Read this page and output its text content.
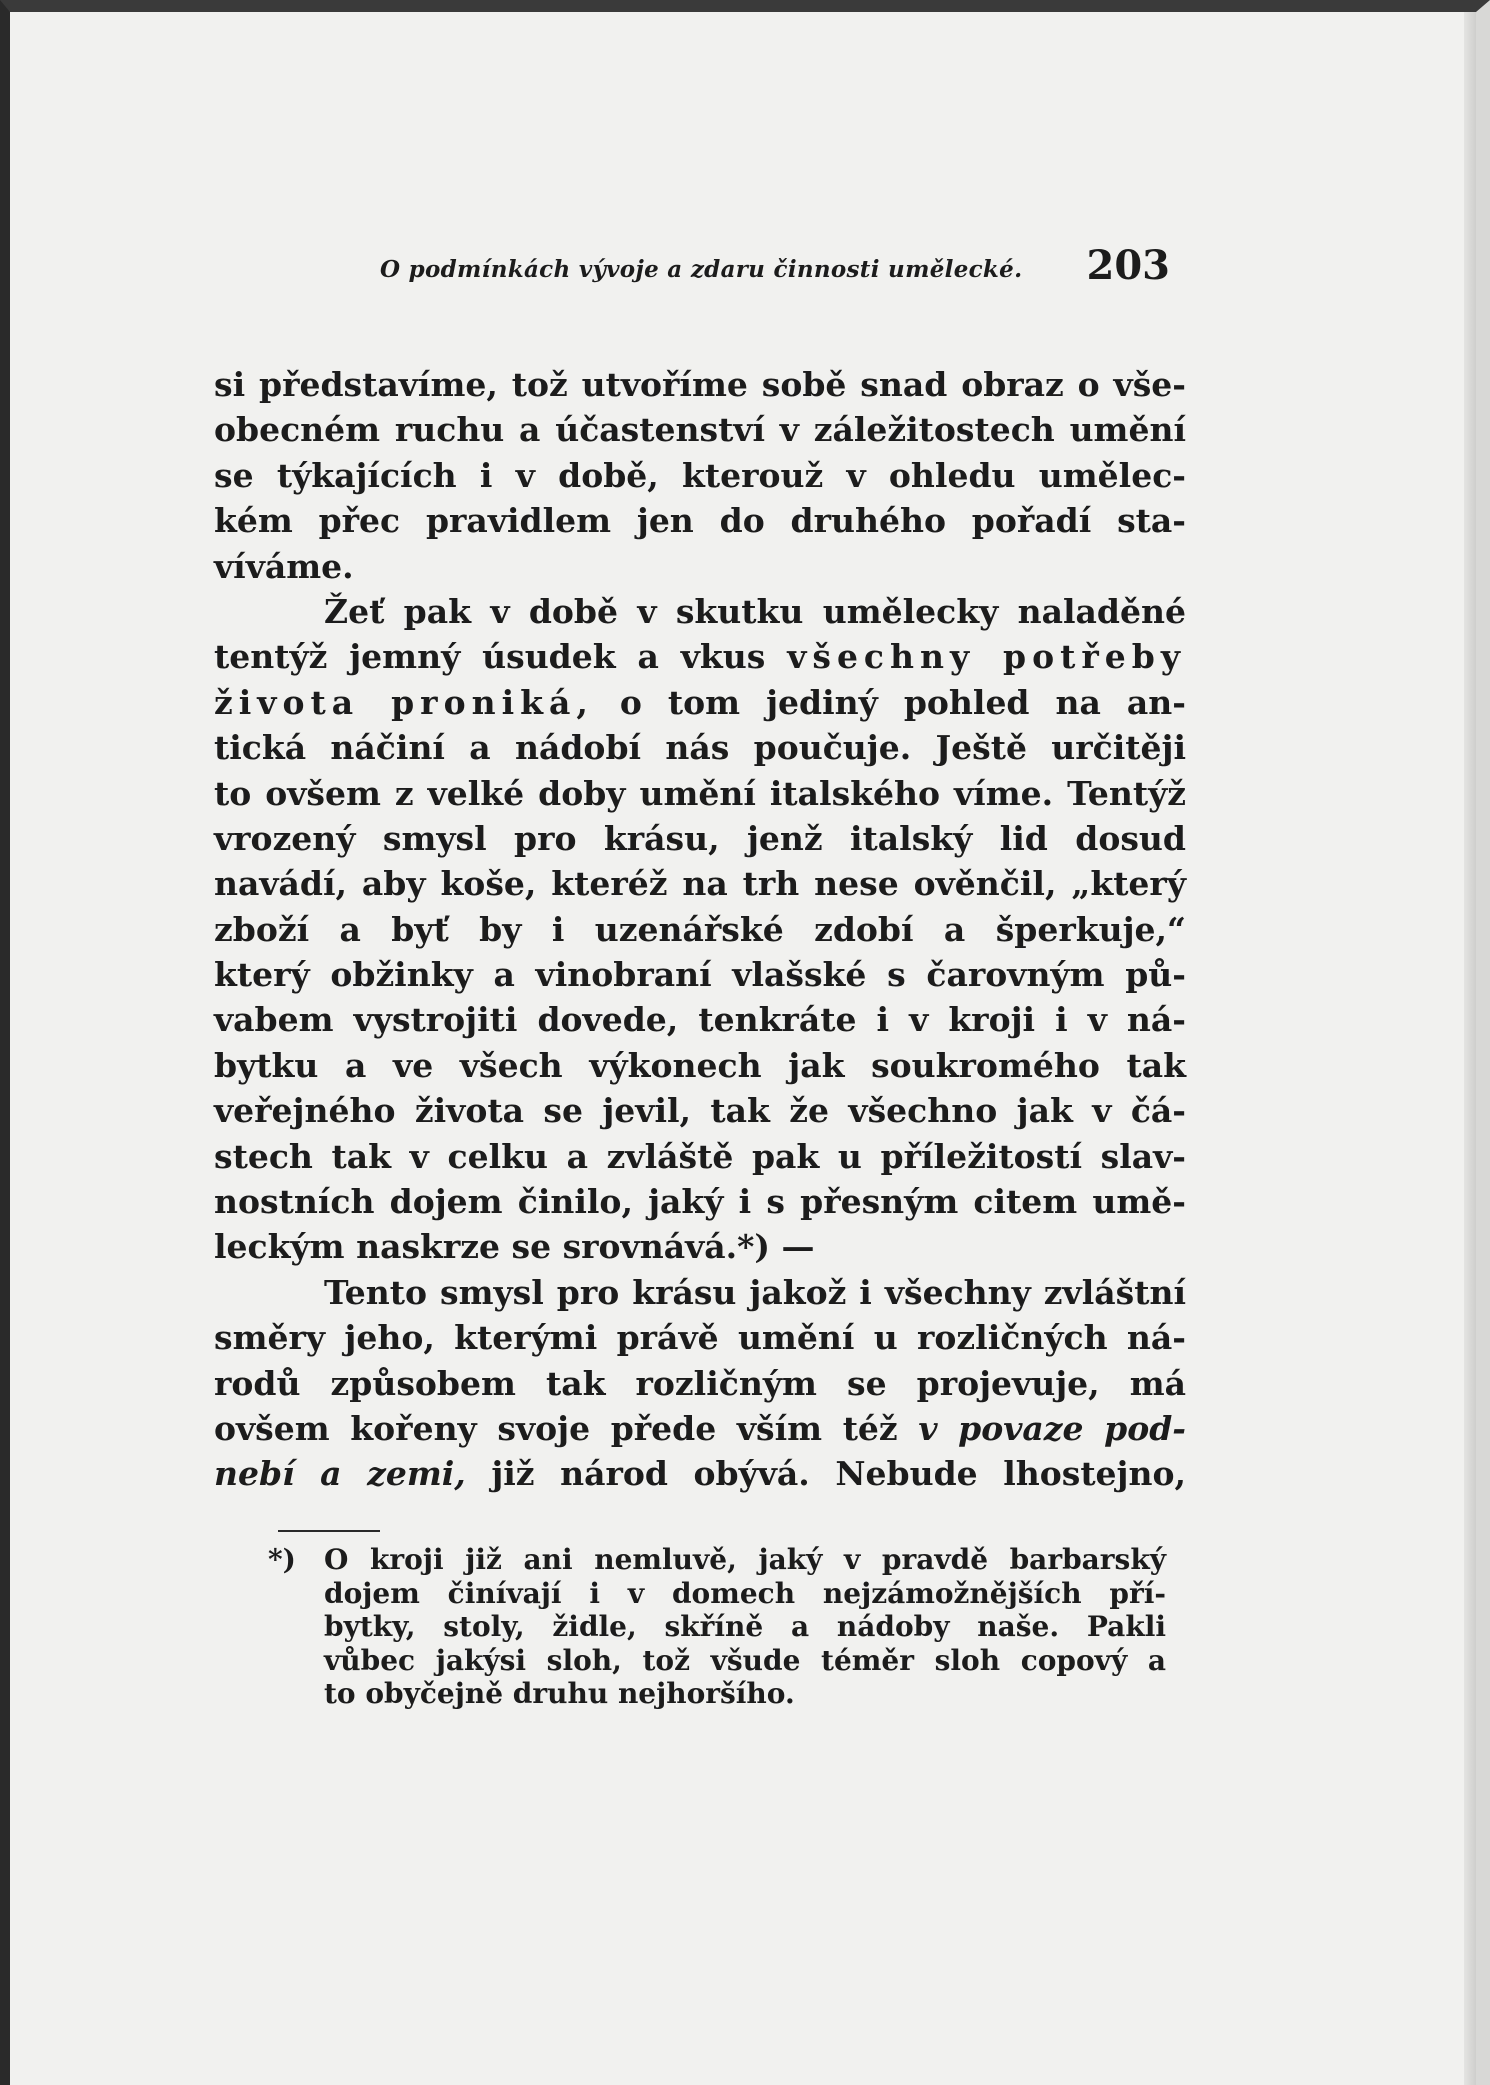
O podmínkách vývoje a zdaru činnosti umělecké. 203
si představíme, tož utvoříme sobě snad obraz o vše-
obecném ruchu a účastenství v záležitostech umění
se týkajících i v době, kterouž v ohledu umělec-
kém přec pravidlem jen do druhého pořadí sta-
víváme.
Žeť pak v době v skutku umělecky naladěné
tentýž jemný úsudek a vkus všechny potřeby
života proniká, o tom jediný pohled na an-
tická náčiní a nádobí nás poučuje. Ještě určitěji
to ovšem z velké doby umění italského víme. Tentýž
vrozený smysl pro krásu, jenž italský lid dosud
navádí, aby koše, kteréž na trh nese ověnčil, „který
zboží a byť by i uzenářské zdobí a šperkuje,“
který obžinky a vinobraní vlašské s čarovným pů-
vabem vystrojiti dovede, tenkráte i v kroji i v ná-
bytku a ve všech výkonech jak soukromého tak
veřejného života se jevil, tak že všechno jak v čá-
stech tak v celku a zvláště pak u příležitostí slav-
nostních dojem činilo, jaký i s přesným citem umě-
leckým naskrze se srovnává.*) —
Tento smysl pro krásu jakož i všechny zvláštní
směry jeho, kterými právě umění u rozličných ná-
rodů způsobem tak rozličným se projevuje, má
ovšem kořeny svoje přede vším též v povaze pod-
nebí a zemi, již národ obývá. Nebude lhostejno,
*)	O kroji již ani nemluvě, jaký v pravdě barbarský
dojem činívají i v domech nejzámožnějších pří-
bytky, stoly, židle, skříně a nádoby naše. Pakli
vůbec jakýsi sloh, tož všude téměr sloh copový a
to obyčejně druhu nejhoršího.
